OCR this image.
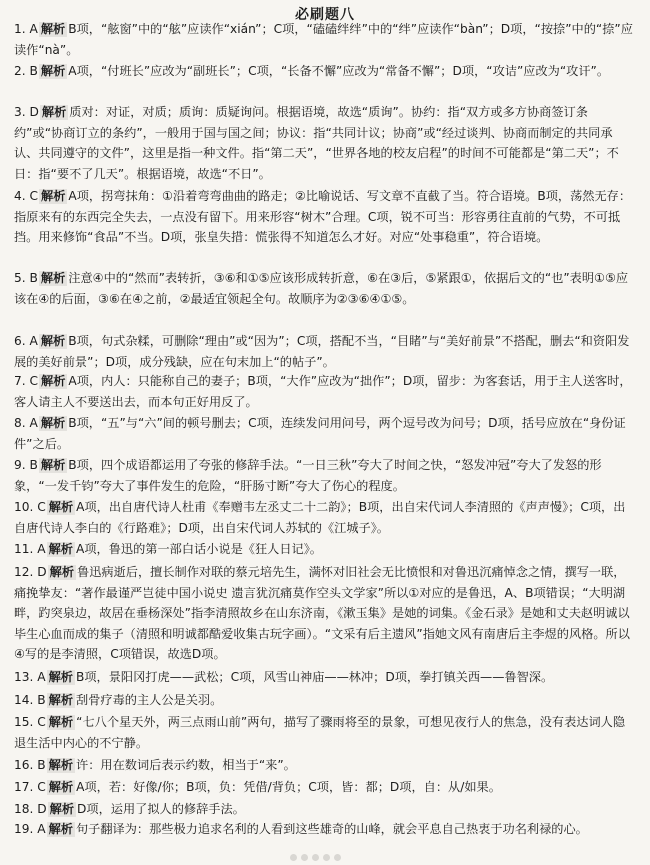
必刷题八
1. A 解析 B项，“舷窗”中的“舷”应读作“xián”；C项，“磕磕绊绊”中的“绊”应读作“bàn”；D项，“按捺”中的“捺”应读作“nà”。
2. B 解析 A项，“付班长”应改为“副班长”；C项，“长备不懈”应改为“常备不懈”；D项，“攻诘”应改为“攻讦”。
3. D 解析 质对：对证，对质；质询：质疑询问。根据语境，故选“质询”。协约：指“双方或多方协商签订条约”或“协商订立的条约”，一般用于国与国之间；协议：指“共同计议；协商”或“经过谈判、协商而制定的共同承认、共同遵守的文件”，这里是指一种文件。指“第二天”，“世界各地的校友启程”的时间不可能都是“第二天”；不日：指“要不了几天”。根据语境，故选“不日”。
4. C 解析 A项，拐弯抹角：①沿着弯弯曲曲的路走；②比喻说话、写文章不直截了当。符合语境。B项，荡然无存：指原来有的东西完全失去，一点没有留下。用来形容“树木”合理。C项，锐不可当：形容勇往直前的气势，不可抵挡。用来修饰“食品”不当。D项，张皇失措：慌张得不知道怎么才好。对应“处事稳重”，符合语境。
5. B 解析 注意④中的“然而”表转折，③⑥和①⑤应该形成转折意，⑥在③后，⑤紧跟①，依据后文的“也”表明①⑤应该在④的后面，③⑥在④之前，②最适宜领起全句。故顺序为②③⑥④①⑤。
6. A 解析 B项，句式杂糅，可删除“理由”或“因为”；C项，搭配不当，“目睹”与“美好前景”不搭配，删去“和资阳发展的美好前景”；D项，成分残缺，应在句末加上“的帖子”。
7. C 解析 A项，内人：只能称自己的妻子；B项，“大作”应改为“拙作”；D项，留步：为客套话，用于主人送客时，客人请主人不要送出去，而本句正好用反了。
8. A 解析 B项，“五”与“六”间的顿号删去；C项，连续发问用问号，两个逗号改为问号；D项，括号应放在“身份证件”之后。
9. B 解析 B项，四个成语都运用了夸张的修辞手法。“一日三秋”夸大了时间之快，“怒发冲冠”夸大了发怒的形象，“一发千钧”夸大了事件发生的危险，“肝肠寸断”夸大了伤心的程度。
10. C 解析 A项，出自唐代诗人杜甫《奉赠韦左丞丈二十二韵》；B项，出自宋代词人李清照的《声声慢》；C项，出自唐代诗人李白的《行路难》；D项，出自宋代词人苏轼的《江城子》。
11. A 解析 A项，鲁迅的第一部白话小说是《狂人日记》。
12. D 解析 鲁迅病逝后，擅长制作对联的蔡元培先生，满怀对旧社会无比愤恨和对鲁迅沉痛悼念之情，撰写一联，痛挽挚友：“著作最谨严岂徒中国小说史 遗言犹沉痛莫作空头文学家”所以①对应的是鲁迅，A、B项错误；“大明湖畔，趵突泉边，故居在垂杨深处”指李清照故乡在山东济南，《漱玉集》是她的词集。《金石录》是她和丈夫赵明诚以毕生心血而成的集子（清照和明诚都酷爱收集古玩字画）。“文采有后主遗风”指她文风有南唐后主李煜的风格。所以④写的是李清照，C项错误，故选D项。
13. A 解析 B项，景阳冈打虎——武松；C项，风雪山神庙——林冲；D项，拳打镇关西——鲁智深。
14. B 解析 刮骨疗毒的主人公是关羽。
15. C 解析 “七八个星天外，两三点雨山前”两句，描写了骤雨将至的景象，可想见夜行人的焦急，没有表达词人隐退生活中内心的不宁静。
16. B 解析 许：用在数词后表示约数，相当于“来”。
17. C 解析 A项，若：好像/你；B项，负：凭借/背负；C项，皆：都；D项，自：从/如果。
18. D 解析 D项，运用了拟人的修辞手法。
19. A 解析 句子翻译为：那些极力追求名利的人看到这些雄奇的山峰，就会平息自己热衷于功名利禄的心。
